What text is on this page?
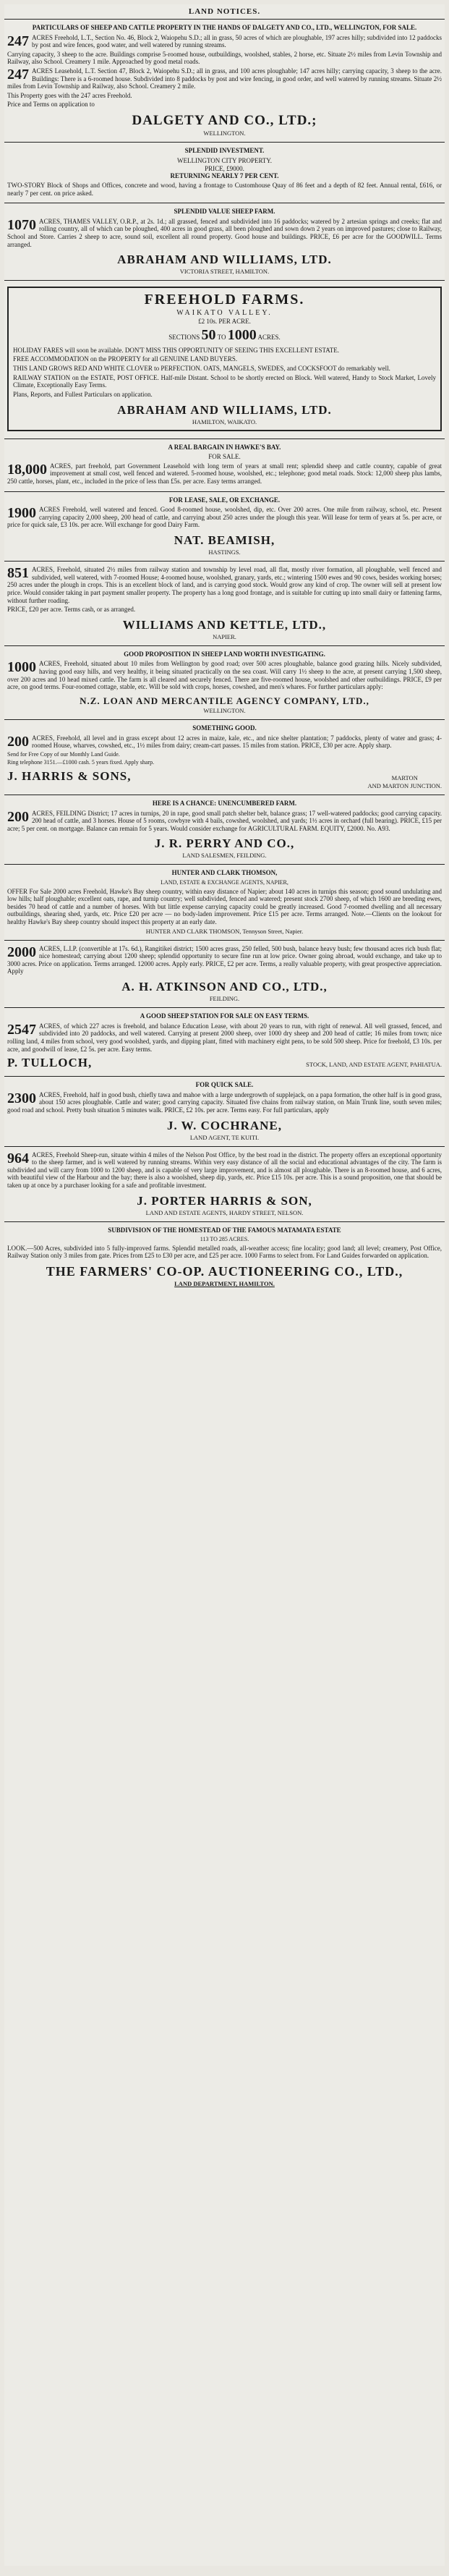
LAND NOTICES.
PARTICULARS OF SHEEP AND CATTLE PROPERTY IN THE HANDS OF DALGETY AND CO., LTD., WELLINGTON, FOR SALE.

247 ACRES Freehold, L.T., Section No. 46, Block 2, Waiopehu S.D.; all in grass, 50 acres of which are ploughable, 197 acres hilly; subdivided into 12 paddocks by post and wire fences, good water, and well watered by running streams.

Carrying capacity, 3 sheep to the acre. Buildings comprise 5-roomed house, outbuildings, woolshed, stables, 2 horse, etc. Situate 2½ miles from Levin Township and Railway, also School. Creamery 1 mile. Approached by good metal roads.

247 ACRES Leasehold, L.T. Section 47, Block 2, Waiopehu S.D.; all in grass, and 100 acres ploughable; 147 acres hilly; carrying capacity, 3 sheep to the acre. Buildings: There is a 6-roomed house. Subdivided into 8 paddocks by post and wire fencing, in good order, and well watered by running streams. Situate 2½ miles from Levin Township and Railway, also School. Creamery 2 mile.

This Property goes with the 247 acres Freehold.

Price and Terms on application to

DALGETY AND CO., LTD.;
WELLINGTON.
SPLENDID INVESTMENT.
WELLINGTON CITY PROPERTY.
PRICE, £9000.
RETURNING NEARLY 7 PER CENT.

TWO-STORY Block of Shops and Offices, concrete and wood, having a frontage to Customhouse Quay of 86 feet and a depth of 82 feet. Annual rental, £616, or nearly 7 per cent. on price asked.

SPLENDID VALUE SHEEP FARM.

1070 ACRES, THAMES VALLEY, O.R.P., at 2s. 1d.; all grassed, fenced and subdivided into 16 paddocks; watered by 2 artesian springs and creeks; flat and rolling country, all of which can be ploughed, 400 acres in good grass, all been ploughed and sown down 2 years on improved pastures; close to Railway, School and Store. Carries 2 sheep to acre, sound soil, excellent all round property. Good house and buildings. PRICE, £6 per acre for the GOODWILL. Terms arranged.

ABRAHAM AND WILLIAMS, LTD.
VICTORIA STREET, HAMILTON.
FREEHOLD FARMS.
WAIKATO VALLEY.
£2 10s. PER ACRE.
SECTIONS 50 TO 1000 ACRES.

HOLIDAY FARES will soon be available. DON'T MISS THIS OPPORTUNITY OF SEEING THIS EXCELLENT ESTATE.

FREE ACCOMMODATION on the PROPERTY for all GENUINE LAND BUYERS.

THIS LAND GROWS RED AND WHITE CLOVER to PERFECTION. OATS, MANGELS, SWEDES, and COCKSFOOT do remarkably well.

RAILWAY STATION on the ESTATE, POST OFFICE. Half-mile Distant. School to be shortly erected on Block. Well watered, Handy to Stock Market, Lovely Climate, Exceptionally Easy Terms.

Plans, Reports, and Fullest Particulars on application.

ABRAHAM AND WILLIAMS, LTD.
HAMILTON, WAIKATO.
A REAL BARGAIN IN HAWKE'S BAY.
FOR SALE.

18,000 ACRES, part freehold, part Government Leasehold with long term of years at small rent; splendid sheep and cattle country, capable of great improvement at small cost, well fenced and watered. 5-roomed house, woolshed, etc.; telephone; good metal roads. Stock: 12,000 sheep plus lambs, 250 cattle, horses, plant, etc., included in the price of less than £5s. per acre. Easy terms arranged.

FOR LEASE, SALE, OR EXCHANGE.

1900 ACRES Freehold, well watered and fenced. Good 8-roomed house, woolshed, dip, etc. Over 200 acres. One mile from railway, school, etc. Present carrying capacity 2,000 sheep, 200 head of cattle, and carrying about 250 acres under the plough this year. Will lease for term of years at 5s. per acre, or price for quick sale, £3 10s. per acre. Will exchange for good Dairy Farm.

NAT. BEAMISH,
HASTINGS.

851 ACRES, Freehold, situated 2½ miles from railway station and township by level road, all flat, mostly river formation, all ploughable, well fenced and subdivided, well watered, with 7-roomed House; 4-roomed house, woolshed, granary, yards, etc.; wintering 1500 ewes and 90 cows, besides working horses; 250 acres under the plough in crops. This is an excellent block of land, and is carrying good stock. Would grow any kind of crop. The owner will sell at present low price. Would consider taking in part payment smaller property. The property has a long good frontage, and is suitable for cutting up into small dairy or fattening farms, without further roading.

PRICE, £20 per acre. Terms cash, or as arranged.

WILLIAMS AND KETTLE, LTD.,
NAPIER.
GOOD PROPOSITION IN SHEEP LAND WORTH INVESTIGATING.

1000 ACRES, Freehold, situated about 10 miles from Wellington by good road; over 500 acres ploughable, balance good grazing hills. Nicely subdivided, having good easy hills, and very healthy, it being situated practically on the sea coast. Will carry 1½ sheep to the acre, at present carrying 1,500 sheep, over 200 acres and 10 head mixed cattle. The farm is all cleared and securely fenced. There are five-roomed house, woolshed and other outbuildings. PRICE, £9 per acre, on good terms. Four-roomed cottage, stable, etc. Will be sold with crops, horses, cowshed, and men's whares. For further particulars apply:

N.Z. LOAN AND MERCANTILE AGENCY COMPANY, LTD.,
WELLINGTON.
SOMETHING GOOD.

200 ACRES, Freehold, all level and in grass except about 12 acres in maize, kale, etc., and nice shelter plantation; 7 paddocks, plenty of water and grass; 4-roomed House, wharves, cowshed, etc., 1½ miles from dairy; cream-cart passes. 15 miles from station. PRICE, £30 per acre. Apply sharp.

Send for Free Copy of our Monthly Land Guide.

Ring telephone 3151.—£1000 cash. 5 years fixed. Apply sharp.

J. HARRIS & SONS,	MARTON
AND MARTON JUNCTION.
HERE IS A CHANCE: UNENCUMBERED FARM.

200 ACRES, FEILDING District; 17 acres in turnips, 20 in rape, good small patch shelter belt, balance grass; 17 well-watered paddocks; good carrying capacity. 200 head of cattle, and 3 horses. House of 5 rooms, cowbyre with 4 bails, cowshed, woolshed, and yards; 1½ acres in orchard (full bearing). PRICE, £15 per acre; 5 per cent. on mortgage. Balance can remain for 5 years. Would consider exchange for AGRICULTURAL FARM. EQUITY, £2000. No. A93.

J. R. PERRY AND CO.,
LAND SALESMEN, FEILDING.
HUNTER AND CLARK THOMSON,
LAND, ESTATE & EXCHANGE AGENTS, NAPIER,

OFFER For Sale 2000 acres Freehold, Hawke's Bay sheep country, within easy distance of Napier; about 140 acres in turnips this season; good sound undulating and low hills; half ploughable; excellent oats, rape, and turnip country; well subdivided, fenced and watered; present stock 2700 sheep, of which 1600 are breeding ewes, besides 70 head of cattle and a number of horses. With but little expense carrying capacity could be greatly increased. Good 7-roomed dwelling and all necessary outbuildings, shearing shed, yards, etc. Price £20 per acre — no body-laden improvement. Price £15 per acre. Terms arranged. Note.—Clients on the lookout for healthy Hawke's Bay sheep country should inspect this property at an early date.

HUNTER AND CLARK THOMSON, Tennyson Street, Napier.

2000 ACRES, L.I.P. (convertible at 17s. 6d.), Rangitikei district; 1500 acres grass, 250 felled, 500 bush, balance heavy bush; few thousand acres rich bush flat; nice homestead; carrying about 1200 sheep; splendid opportunity to secure fine run at low price. Owner going abroad, would exchange, and take up to 3000 acres. Price on application. Terms arranged. 12000 acres. Apply early. PRICE, £2 per acre. Terms, a really valuable property, with great prospective appreciation. Apply

A. H. ATKINSON AND CO., LTD.,
FEILDING.
A GOOD SHEEP STATION FOR SALE ON EASY TERMS.

2547 ACRES, of which 227 acres is freehold, and balance Education Lease, with about 20 years to run, with right of renewal. All well grassed, fenced, and subdivided into 20 paddocks, and well watered. Carrying at present 2000 sheep, over 1000 dry sheep and 200 head of cattle; 16 miles from town; nice rolling land, 4 miles from school, very good woolshed, yards, and dipping plant, fitted with machinery eight pens, to be sold 500 sheep. Price for freehold, £3 10s. per acre, and goodwill of lease, £2 5s. per acre. Easy terms.

P. TULLOCH,	STOCK, LAND, AND ESTATE AGENT, PAHIATUA.
FOR QUICK SALE.

2300 ACRES, Freehold, half in good bush, chiefly tawa and mahoe with a large undergrowth of supplejack, on a papa formation, the other half is in good grass, about 150 acres ploughable. Cattle and water; good carrying capacity. Situated five chains from railway station, on Main Trunk line, south seven miles; good road and school. Pretty bush situation 5 minutes walk. PRICE, £2 10s. per acre. Terms easy. For full particulars, apply

J. W. COCHRANE,
LAND AGENT, TE KUITI.

964 ACRES, Freehold Sheep-run, situate within 4 miles of the Nelson Post Office, by the best road in the district. The property offers an exceptional opportunity to the sheep farmer, and is well watered by running streams. Within very easy distance of all the social and educational advantages of the city. The farm is subdivided and will carry from 1000 to 1200 sheep, and is capable of very large improvement, and is almost all ploughable. There is an 8-roomed house, and 6 acres, with beautiful view of the Harbour and the bay; there is also a woolshed, sheep dip, yards, etc. Price £15 10s. per acre. This is a sound proposition, one that should be taken up at once by a purchaser looking for a safe and profitable investment.

J. PORTER HARRIS & SON,
LAND AND ESTATE AGENTS, HARDY STREET, NELSON.
SUBDIVISION OF THE HOMESTEAD OF THE FAMOUS MATAMATA ESTATE
113 TO 285 ACRES.

LOOK.—500 Acres, subdivided into 5 fully-improved farms. Splendid metalled roads, all-weather access; fine locality; good land; all level; creamery, Post Office, Railway Station only 3 miles from gate. Prices from £25 to £30 per acre, and £25 per acre. 1000 Farms to select from. For Land Guides forwarded on application.

THE FARMERS' CO-OP. AUCTIONEERING CO., LTD.,
LAND DEPARTMENT, HAMILTON.
